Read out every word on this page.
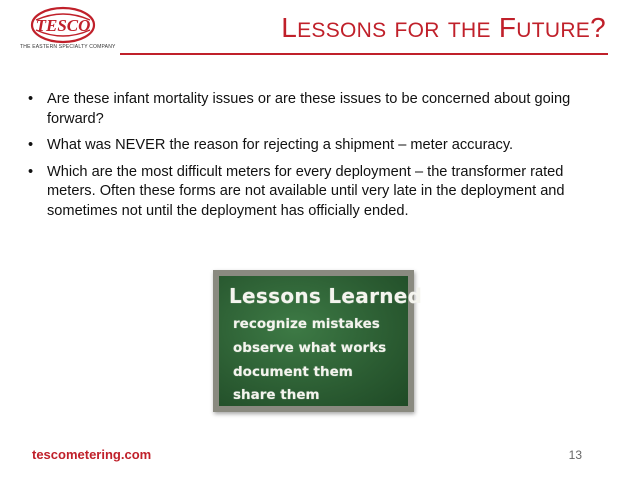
TESCO
THE EASTERN SPECIALTY COMPANY
LESSONS FOR THE FUTURE?
• Are these infant mortality issues or are these issues to be concerned about going forward?
• What was NEVER the reason for rejecting a shipment – meter accuracy.
• Which are the most difficult meters for every deployment – the transformer rated meters. Often these forms are not available until very late in the deployment and sometimes not until the deployment has officially ended.
Lessons Learned
recognize mistakes
observe what works
document them
share them
tescometering.com	13
